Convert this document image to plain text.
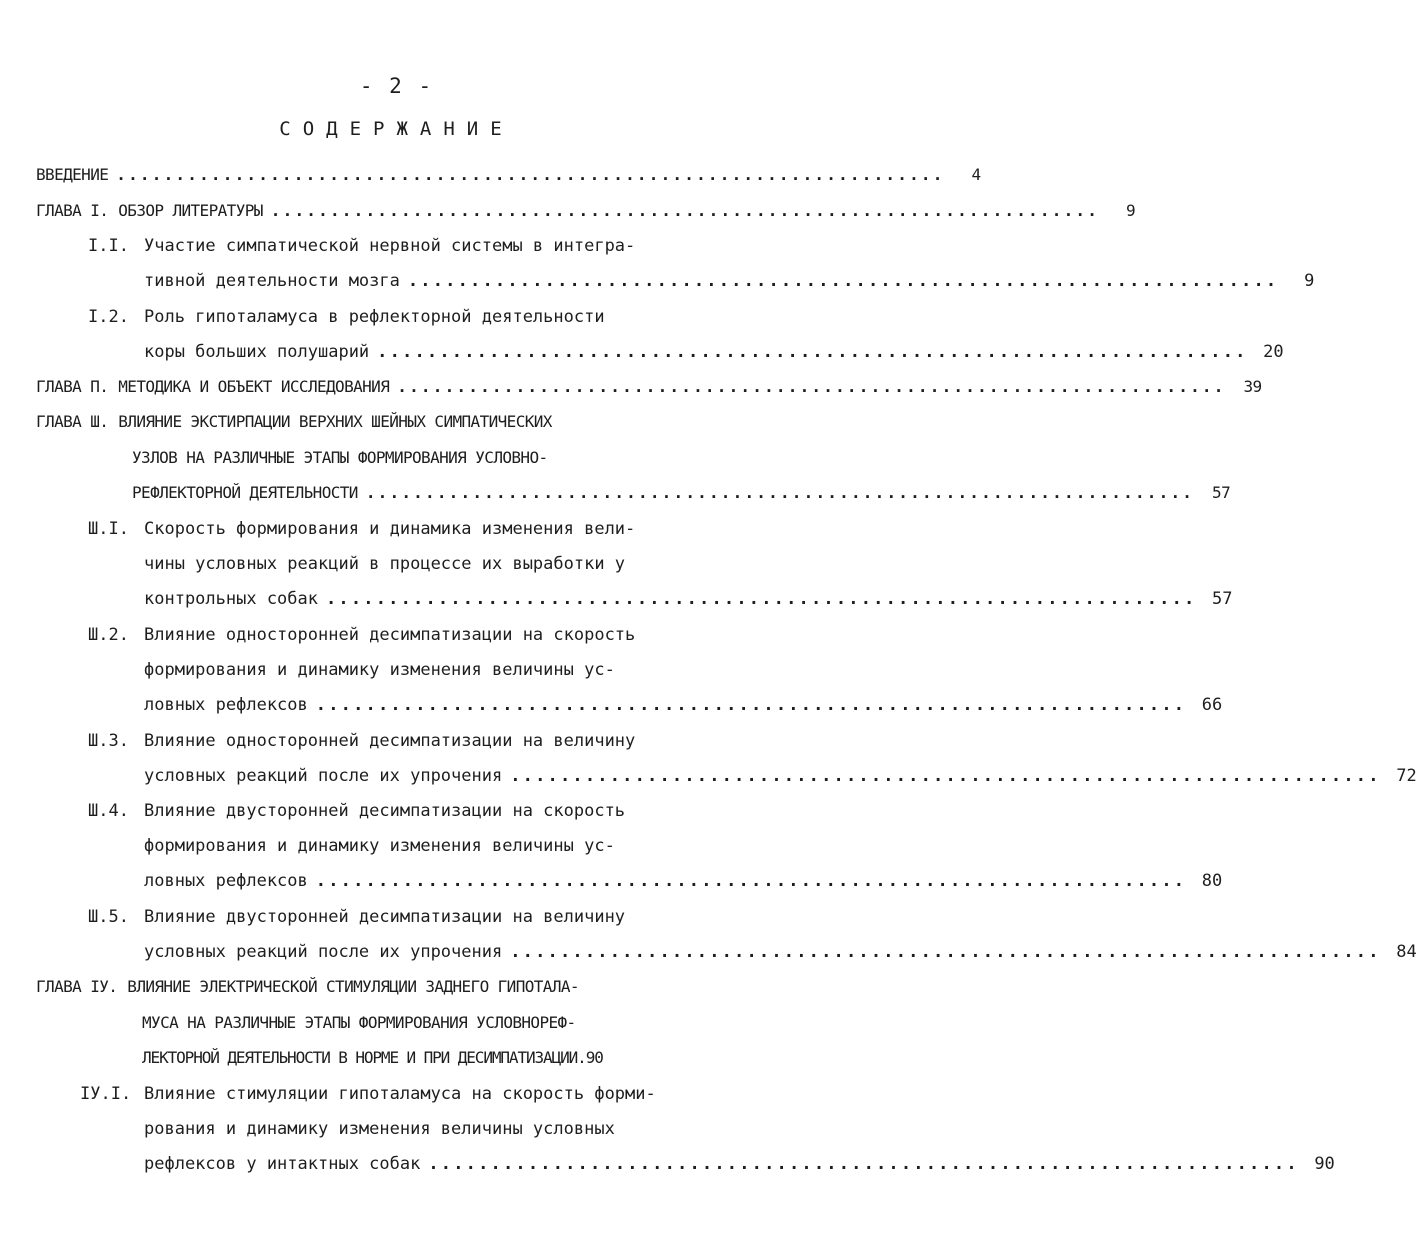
- 2 -
СОДЕРЖАНИЕ
ВВЕДЕНИЕ ......................................................................	4
ГЛАВА I. ОБЗОР ЛИТЕРАТУРЫ ......................................................................	9
I.I. Участие симпатической нервной системы в интегра-
тивной деятельности мозга ......................................................................	9
I.2. Роль гипоталамуса в рефлекторной деятельности
коры больших полушарий ...................................................................... 20
ГЛАВА П. МЕТОДИКА И ОБЪЕКТ ИССЛЕДОВАНИЯ ......................................................................	39
ГЛАВА Ш. ВЛИЯНИЕ ЭКСТИРПАЦИИ ВЕРХНИХ ШЕЙНЫХ СИМПАТИЧЕСКИХ
УЗЛОВ НА РАЗЛИЧНЫЕ ЭТАПЫ ФОРМИРОВАНИЯ УСЛОВНО-
РЕФЛЕКТОРНОЙ ДЕЯТЕЛЬНОСТИ ......................................................................	57
Ш.I. Скорость формирования и динамика изменения вели-
чины условных реакций в процессе их выработки у
контрольных собак ...................................................................... 57
Ш.2. Влияние односторонней десимпатизации на скорость
формирования и динамику изменения величины ус-
ловных рефлексов ...................................................................... 66
Ш.3. Влияние односторонней десимпатизации на величину
условных реакций после их упрочения ...................................................................... 72
Ш.4. Влияние двусторонней десимпатизации на скорость
формирования и динамику изменения величины ус-
ловных рефлексов ...................................................................... 80
Ш.5. Влияние двусторонней десимпатизации на величину
условных реакций после их упрочения ...................................................................... 84
ГЛАВА IУ. ВЛИЯНИЕ ЭЛЕКТРИЧЕСКОЙ СТИМУЛЯЦИИ ЗАДНЕГО ГИПОТАЛА-
МУСА НА РАЗЛИЧНЫЕ ЭТАПЫ ФОРМИРОВАНИЯ УСЛОВНОРЕФ-
ЛЕКТОРНОЙ ДЕЯТЕЛЬНОСТИ В НОРМЕ И ПРИ ДЕСИМПАТИЗАЦИИ. 90
IУ.I. Влияние стимуляции гипоталамуса на скорость форми-
рования и динамику изменения величины условных
рефлексов у интактных собак ...................................................................... 90
